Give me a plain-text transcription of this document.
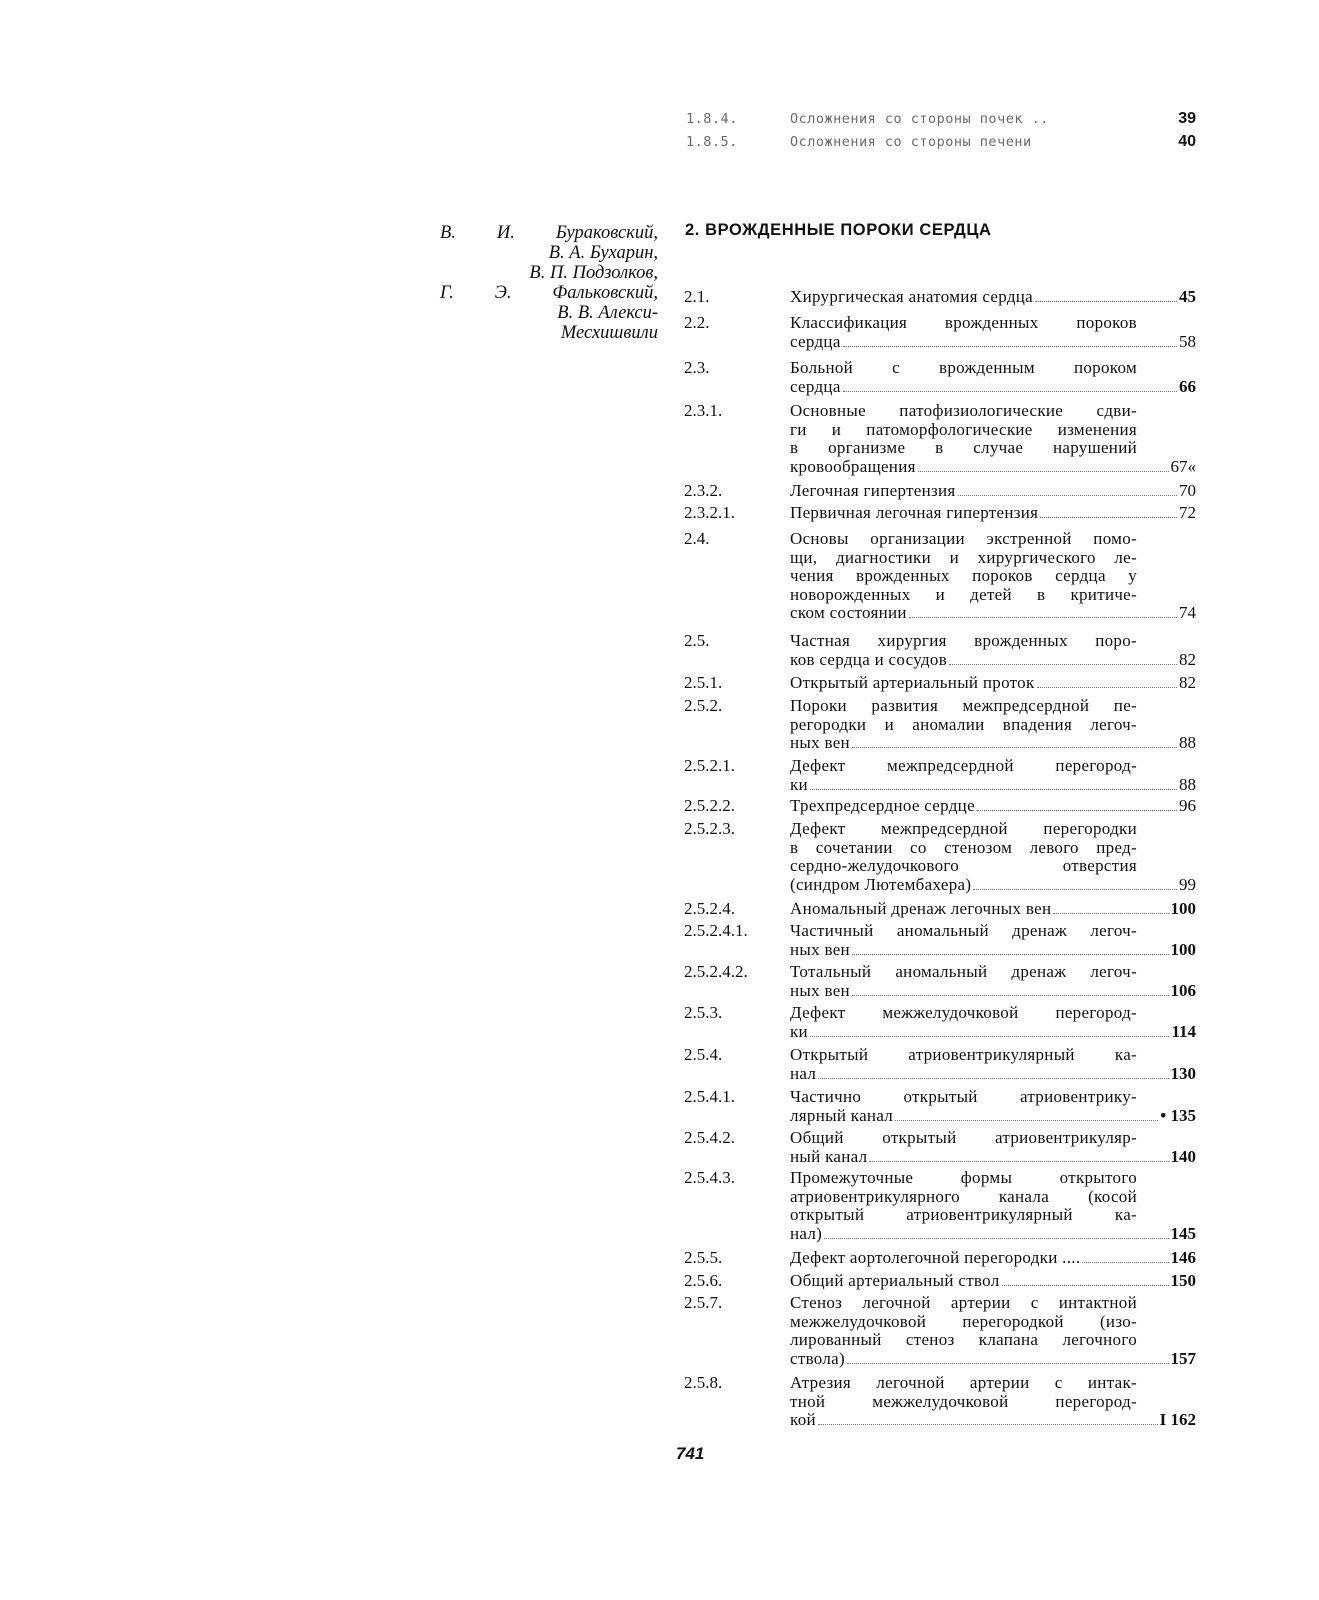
1.8.4.	Осложнения со стороны почек ..	39
1.8.5.	Осложнения со стороны печени	40
В. И. Бураковский,
В. А. Бухарин,
В. П. Подзолков,
Г. Э. Фальковский,
В. В. Алекси-
Месхишвили
2. ВРОЖДЕННЫЕ ПОРОКИ СЕРДЦА
2.1.	Хирургическая анатомия сердца	45
2.2.	Классификация врожденных пороков
сердца	58
2.3.	Больной с врожденным пороком
сердца	66
2.3.1.	Основные патофизиологические сдви-
ги и патоморфологические изменения
в организме в случае нарушений
кровообращения	67«
2.3.2.	Легочная гипертензия	70
2.3.2.1.	Первичная легочная гипертензия	72
2.4.	Основы организации экстренной помо-
щи, диагностики и хирургического ле-
чения врожденных пороков сердца у
новорожденных и детей в критиче-
ском состоянии	74
2.5.	Частная хирургия врожденных поро-
ков сердца и сосудов	82
2.5.1.	Открытый артериальный проток	82
2.5.2.	Пороки развития межпредсердной пе-
регородки и аномалии впадения легоч-
ных вен	88
2.5.2.1.	Дефект межпредсердной перегород-
ки	88
2.5.2.2.	Трехпредсердное сердце	96
2.5.2.3.	Дефект межпредсердной перегородки
в сочетании со стенозом левого пред-
сердно-желудочкового отверстия
(синдром Лютембахера)	99
2.5.2.4.	Аномальный дренаж легочных вен	100
2.5.2.4.1. Частичный аномальный дренаж легоч-
ных вен	100
2.5.2.4.2. Тотальный аномальный дренаж легоч-
ных вен	106
2.5.3.	Дефект межжелудочковой перегород-
ки	114
2.5.4.	Открытый атриовентрикулярный ка-
нал	130
2.5.4.1.	Частично открытый атриовентрику-
лярный канал	• 135
2.5.4.2.	Общий открытый атриовентрикуляр-
ный канал	140
2.5.4.3.	Промежуточные формы открытого
атриовентрикулярного канала (косой
открытый атриовентрикулярный ка-
нал)	145
2.5.5.	Дефект аортолегочной перегородки ....	146
2.5.6.	Общий артериальный ствол	150
2.5.7.	Стеноз легочной артерии с интактной
межжелудочковой перегородкой (изо-
лированный стеноз клапана легочного
ствола)	157
2.5.8.	Атрезия легочной артерии с интак-
тной межжелудочковой перегород-
кой	I 162
741
